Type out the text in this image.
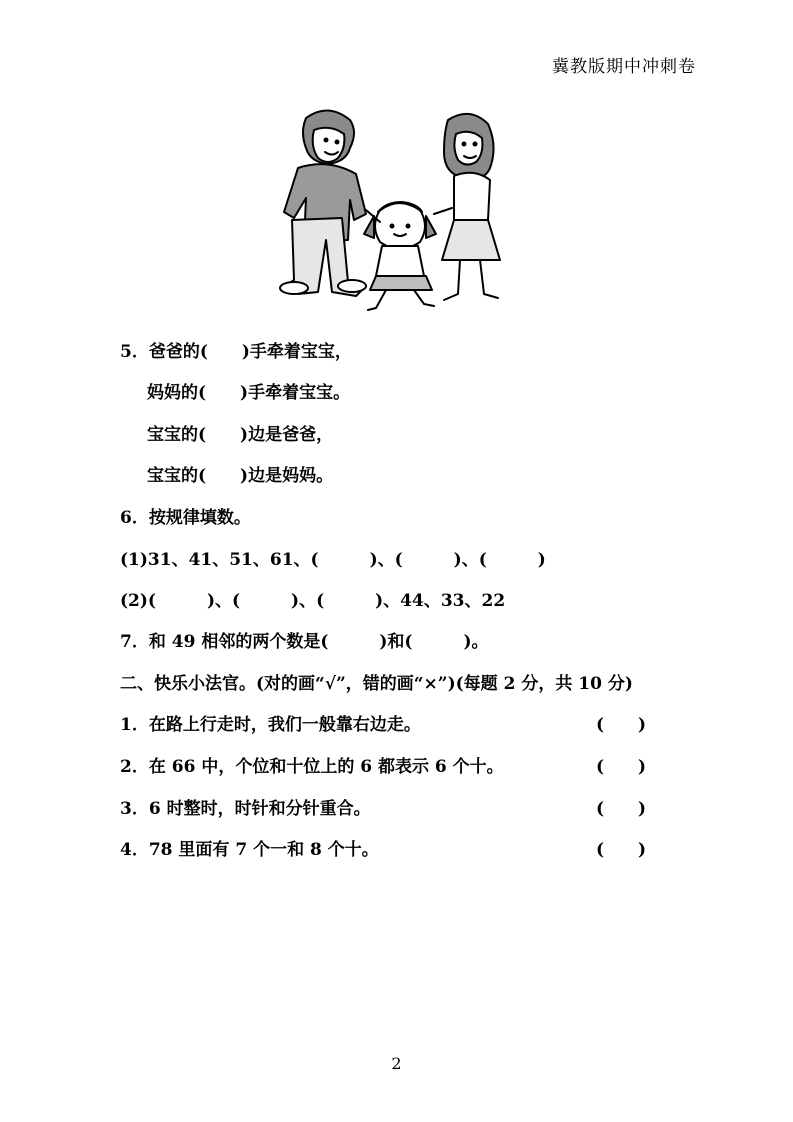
冀教版期中冲刺卷
5．爸爸的(　　)手牵着宝宝，
妈妈的(　　)手牵着宝宝。
宝宝的(　　)边是爸爸，
宝宝的(　　)边是妈妈。
6．按规律填数。
(1)31、41、51、61、(　　　)、(　　　)、(　　　)
(2)(　　　)、(　　　)、(　　　)、44、33、22
7．和 49 相邻的两个数是(　　　)和(　　　)。
二、快乐小法官。(对的画“√”，错的画“×”)(每题 2 分，共 10 分)
1．在路上行走时，我们一般靠右边走。
2．在 66 中，个位和十位上的 6 都表示 6 个十。
3．6 时整时，时针和分针重合。
4．78 里面有 7 个一和 8 个十。
(　　)
(　　)
(　　)
(　　)
2
